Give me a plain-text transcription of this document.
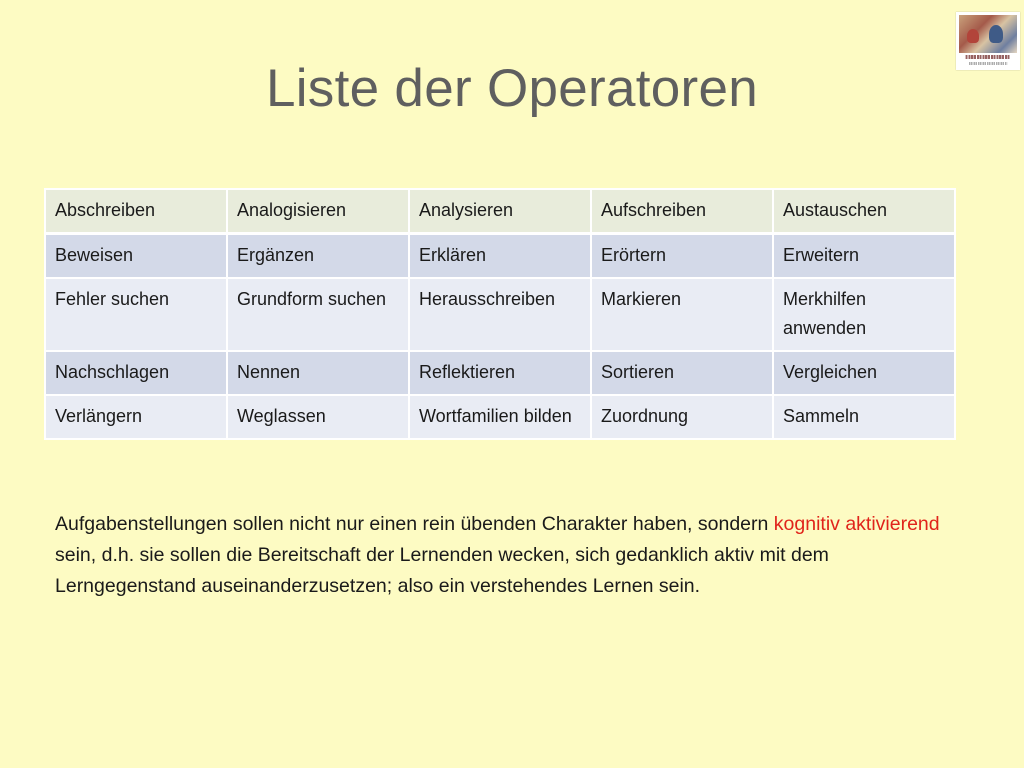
Liste der Operatoren
Abschreiben	Analogisieren	Analysieren	Aufschreiben	Austauschen
Beweisen	Ergänzen	Erklären	Erörtern	Erweitern
Fehler suchen	Grundform suchen	Herausschreiben	Markieren	Merkhilfen anwenden
Nachschlagen	Nennen	Reflektieren	Sortieren	Vergleichen
Verlängern	Weglassen	Wortfamilien bilden	Zuordnung	Sammeln

Aufgabenstellungen sollen nicht nur einen rein übenden Charakter haben, sondern kognitiv aktivierend sein, d.h. sie sollen die Bereitschaft der Lernenden wecken, sich gedanklich aktiv mit dem Lerngegenstand auseinanderzusetzen; also ein verstehendes Lernen sein.
